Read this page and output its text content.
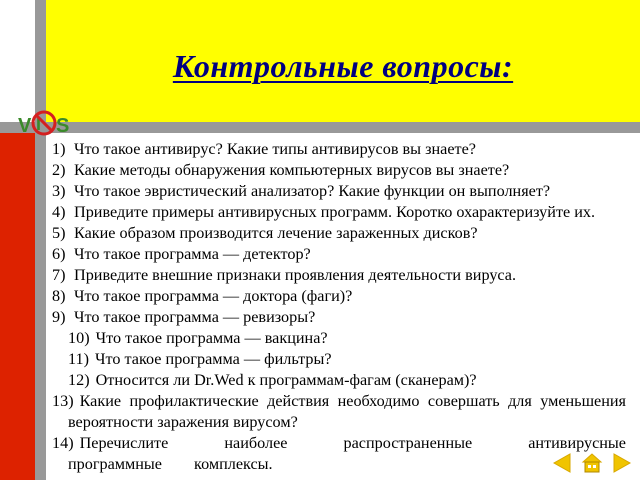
Контрольные вопросы:
V S
I
1) Что такое антивирус? Какие типы антивирусов вы знаете?
2) Какие методы обнаружения компьютерных вирусов вы знаете?
3) Что такое эвристический анализатор? Какие функции он выполняет?
4) Приведите примеры антивирусных программ. Коротко охарактеризуйте их.
5) Какие образом производится лечение зараженных дисков?
6) Что такое программа — детектор?
7) Приведите внешние признаки проявления деятельности вируса.
8) Что такое программа — доктора (фаги)?
9) Что такое программа — ревизоры?
10) Что такое программа — вакцина?
11) Что такое программа — фильтры?
12) Относится ли Dr.Wed к программам-фагам (сканерам)?
13) Какие профилактические действия необходимо совершать для уменьшения вероятности заражения вирусом?
14) Перечислите наиболее распространенные антивирусные программные комплексы.
